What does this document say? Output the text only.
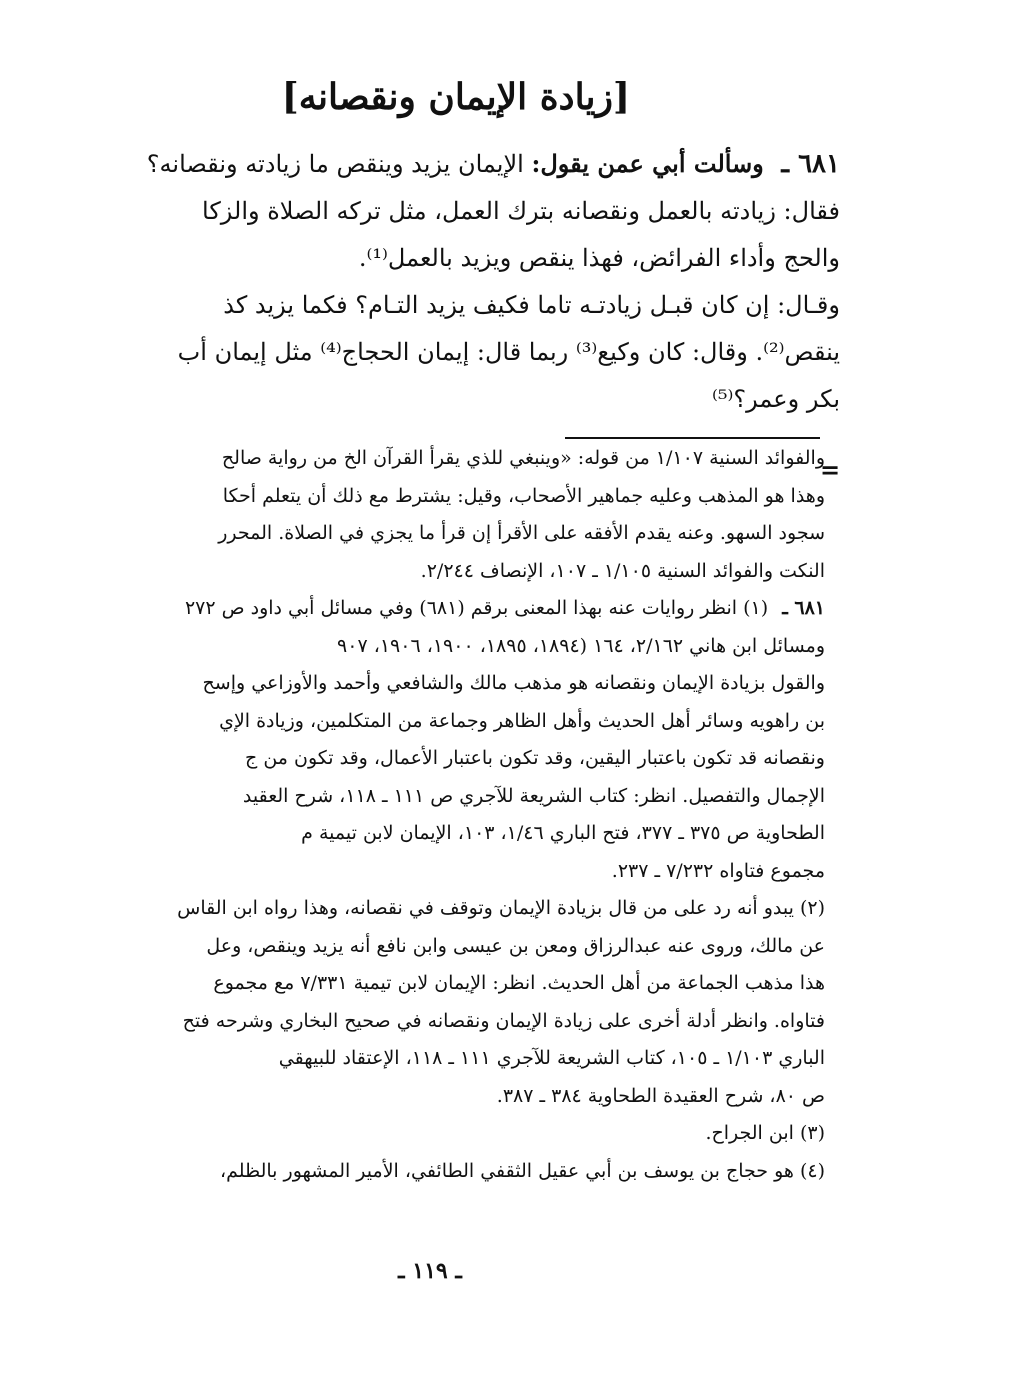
[زيادة الإيمان ونقصانه]
٦٨١ ـ وسألت أبي عمن يقول: الإيمان يزيد وينقص ما زيادته ونقصانه؟
فقال: زيادته بالعمل ونقصانه بترك العمل، مثل تركه الصلاة والزكا
والحج وأداء الفرائض، فهذا ينقص ويزيد بالعمل⁽¹⁾.
وقـال: إن كان قبـل زيادتـه تاما فكيف يزيد التـام؟ فكما يزيد كذ
ينقص⁽²⁾. وقال: كان وكيع⁽³⁾ ربما قال: إيمان الحجاج⁽⁴⁾ مثل إيمان أب
بكر وعمر؟⁽⁵⁾
=
والفوائد السنية ١/١٠٧ من قوله: «وينبغي للذي يقرأ القرآن الخ من رواية صالح
وهذا هو المذهب وعليه جماهير الأصحاب، وقيل: يشترط مع ذلك أن يتعلم أحكا
سجود السهو. وعنه يقدم الأفقه على الأقرأ إن قرأ ما يجزي في الصلاة. المحرر
النكت والفوائد السنية ١/١٠٥ ـ ١٠٧، الإنصاف ٢/٢٤٤.
٦٨١ ـ (١) انظر روايات عنه بهذا المعنى برقم (٦٨١) وفي مسائل أبي داود ص ٢٧٢
ومسائل ابن هاني ٢/١٦٢، ١٦٤ (١٨٩٤، ١٨٩٥، ١٩٠٠، ١٩٠٦، ٩٠٧
والقول بزيادة الإيمان ونقصانه هو مذهب مالك والشافعي وأحمد والأوزاعي وإسح
بن راهويه وسائر أهل الحديث وأهل الظاهر وجماعة من المتكلمين، وزيادة الإي
ونقصانه قد تكون باعتبار اليقين، وقد تكون باعتبار الأعمال، وقد تكون من ج
الإجمال والتفصيل. انظر: كتاب الشريعة للآجري ص ١١١ ـ ١١٨، شرح العقيد
الطحاوية ص ٣٧٥ ـ ٣٧٧، فتح الباري ١/٤٦، ١٠٣، الإيمان لابن تيمية م
مجموع فتاواه ٧/٢٣٢ ـ ٢٣٧.
(٢) يبدو أنه رد على من قال بزيادة الإيمان وتوقف في نقصانه، وهذا رواه ابن القاس
عن مالك، وروى عنه عبدالرزاق ومعن بن عيسى وابن نافع أنه يزيد وينقص، وعل
هذا مذهب الجماعة من أهل الحديث. انظر: الإيمان لابن تيمية ٧/٣٣١ مع مجموع
فتاواه. وانظر أدلة أخرى على زيادة الإيمان ونقصانه في صحيح البخاري وشرحه فتح
الباري ١/١٠٣ ـ ١٠٥، كتاب الشريعة للآجري ١١١ ـ ١١٨، الإعتقاد للبيهقي
ص ٨٠، شرح العقيدة الطحاوية ٣٨٤ ـ ٣٨٧.
(٣) ابن الجراح.
(٤) هو حجاج بن يوسف بن أبي عقيل الثقفي الطائفي، الأمير المشهور بالظلم،
ـ ١١٩ ـ
